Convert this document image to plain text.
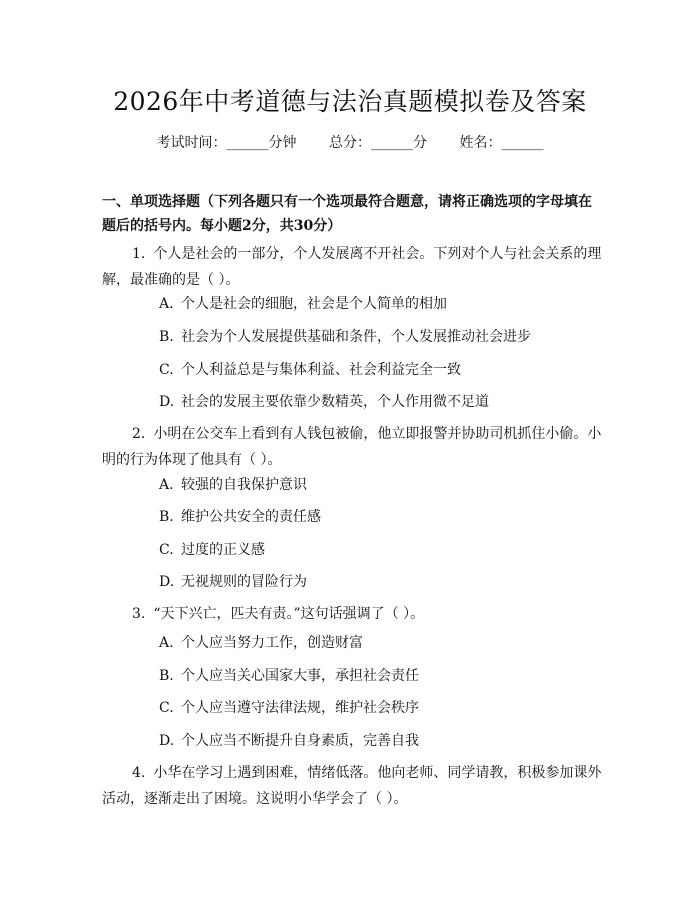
2026年中考道德与法治真题模拟卷及答案
考试时间：______分钟 总分：______分 姓名：______
一、单项选择题（下列各题只有一个选项最符合题意，请将正确选项的字母填在题后的括号内。每小题2分，共30分）
1. 个人是社会的一部分，个人发展离不开社会。下列对个人与社会关系的理解，最准确的是（ ）。
A. 个人是社会的细胞，社会是个人简单的相加
B. 社会为个人发展提供基础和条件，个人发展推动社会进步
C. 个人利益总是与集体利益、社会利益完全一致
D. 社会的发展主要依靠少数精英，个人作用微不足道
2. 小明在公交车上看到有人钱包被偷，他立即报警并协助司机抓住小偷。小明的行为体现了他具有（ ）。
A. 较强的自我保护意识
B. 维护公共安全的责任感
C. 过度的正义感
D. 无视规则的冒险行为
3. “天下兴亡，匹夫有责。”这句话强调了（ ）。
A. 个人应当努力工作，创造财富
B. 个人应当关心国家大事，承担社会责任
C. 个人应当遵守法律法规，维护社会秩序
D. 个人应当不断提升自身素质，完善自我
4. 小华在学习上遇到困难，情绪低落。他向老师、同学请教，积极参加课外活动，逐渐走出了困境。这说明小华学会了（ ）。
